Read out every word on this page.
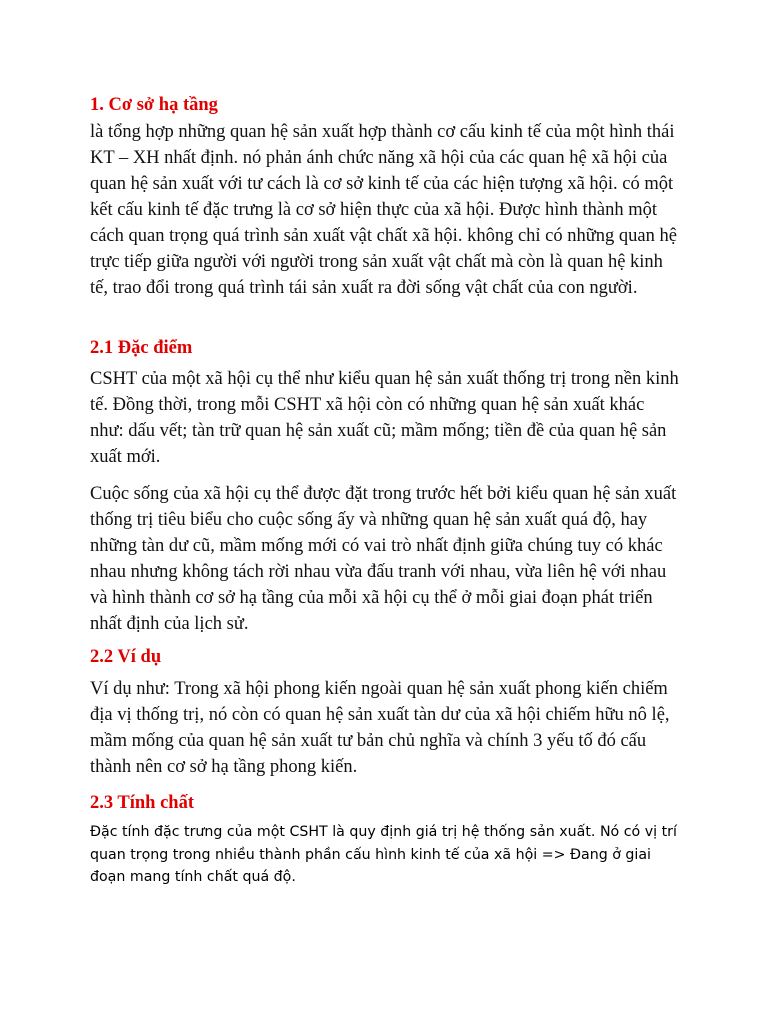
1. Cơ sở hạ tầng

là tổng hợp những quan hệ sản xuất hợp thành cơ cấu kinh tế của một hình thái KT – XH nhất định. nó phản ánh chức năng xã hội của các quan hệ xã hội của quan hệ sản xuất với tư cách là cơ sở kinh tế của các hiện tượng xã hội. có một kết cấu kinh tế đặc trưng là cơ sở hiện thực của xã hội. Được hình thành một cách quan trọng quá trình sản xuất vật chất xã hội. không chỉ có những quan hệ trực tiếp giữa người với người trong sản xuất vật chất mà còn là quan hệ kinh tế, trao đổi trong quá trình tái sản xuất ra đời sống vật chất của con người.

2.1 Đặc điểm

CSHT của một xã hội cụ thể như kiểu quan hệ sản xuất thống trị trong nền kinh tế. Đồng thời, trong mỗi CSHT xã hội còn có những quan hệ sản xuất khác như: dấu vết; tàn trữ quan hệ sản xuất cũ; mầm mống; tiền đề của quan hệ sản xuất mới.

Cuộc sống của xã hội cụ thể được đặt trong trước hết bởi kiểu quan hệ sản xuất thống trị tiêu biểu cho cuộc sống ấy và những quan hệ sản xuất quá độ, hay những tàn dư cũ, mầm mống mới có vai trò nhất định giữa chúng tuy có khác nhau nhưng không tách rời nhau vừa đấu tranh với nhau, vừa liên hệ với nhau và hình thành cơ sở hạ tầng của mỗi xã hội cụ thể ở mỗi giai đoạn phát triển nhất định của lịch sử.

2.2 Ví dụ

Ví dụ như: Trong xã hội phong kiến ngoài quan hệ sản xuất phong kiến chiếm địa vị thống trị, nó còn có quan hệ sản xuất tàn dư của xã hội chiếm hữu nô lệ, mầm mống của quan hệ sản xuất tư bản chủ nghĩa và chính 3 yếu tố đó cấu thành nên cơ sở hạ tầng phong kiến.

2.3 Tính chất

Đặc tính đặc trưng của một CSHT là quy định giá trị hệ thống sản xuất. Nó có vị trí quan trọng trong nhiều thành phần cấu hình kinh tế của xã hội => Đang ở giai đoạn mang tính chất quá độ.
